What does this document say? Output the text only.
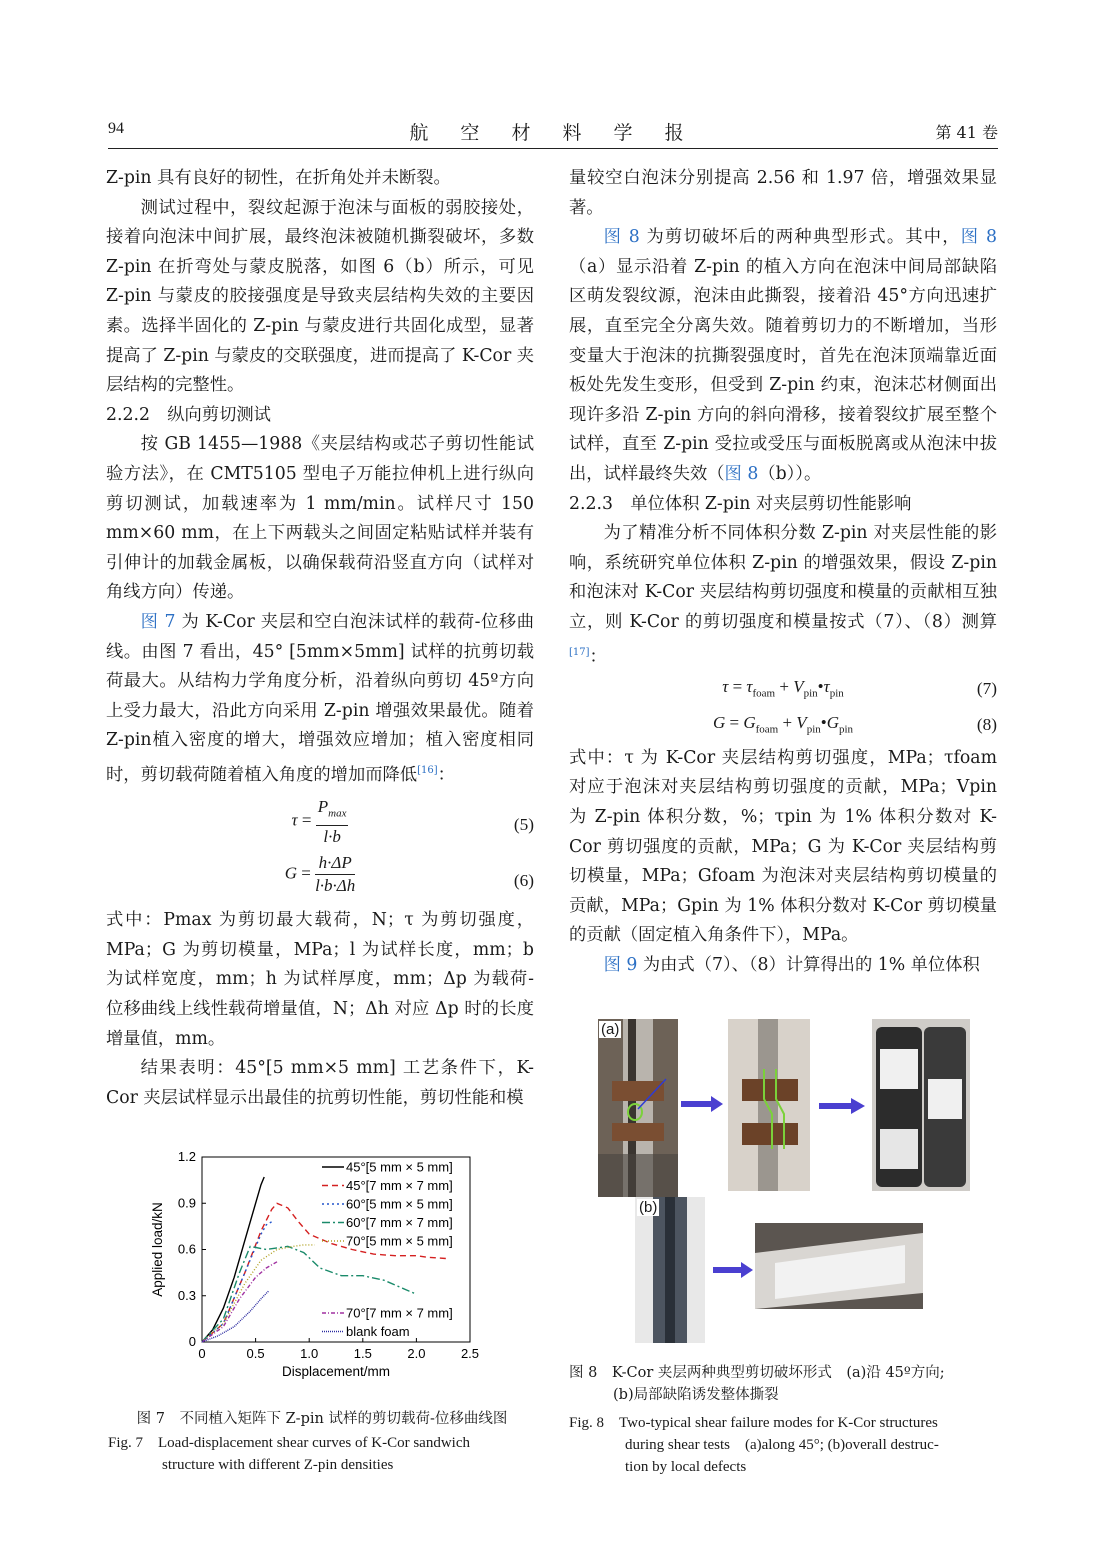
94	航 空 材 料 学 报	第 41 卷

Z-pin 具有良好的韧性，在折角处并未断裂。

测试过程中，裂纹起源于泡沫与面板的弱胶接处，接着向泡沫中间扩展，最终泡沫被随机撕裂破坏，多数 Z-pin 在折弯处与蒙皮脱落，如图 6（b）所示，可见 Z-pin 与蒙皮的胶接强度是导致夹层结构失效的主要因素。选择半固化的 Z-pin 与蒙皮进行共固化成型，显著提高了 Z-pin 与蒙皮的交联强度，进而提高了 K-Cor 夹层结构的完整性。

2.2.2　纵向剪切测试

按 GB 1455—1988《夹层结构或芯子剪切性能试验方法》，在 CMT5105 型电子万能拉伸机上进行纵向剪切测试，加载速率为 1 mm/min。试样尺寸 150 mm×60 mm，在上下两载头之间固定粘贴试样并装有引伸计的加载金属板，以确保载荷沿竖直方向（试样对角线方向）传递。

图 7 为 K-Cor 夹层和空白泡沫试样的载荷-位移曲线。由图 7 看出，45° [5mm×5mm] 试样的抗剪切载荷最大。从结构力学角度分析，沿着纵向剪切 45º方向上受力最大，沿此方向采用 Z-pin 增强效果最优。随着 Z-pin植入密度的增大，增强效应增加；植入密度相同时，剪切载荷随着植入角度的增加而降低[16]：

$\tau = \frac{P_{max}}{l\cdot b}$	(5)
$G = \frac{h\cdot\Delta P}{l\cdot b\cdot\Delta h}$	(6)

式中：Pmax 为剪切最大载荷，N；τ 为剪切强度，MPa；G 为剪切模量，MPa；l 为试样长度，mm；b 为试样宽度，mm；h 为试样厚度，mm；Δp 为载荷-位移曲线上线性载荷增量值，N；Δh 对应 Δp 时的长度增量值，mm。

结果表明：45°[5 mm×5 mm] 工艺条件下，K-Cor 夹层试样显示出最佳的抗剪切性能，剪切性能和模

量较空白泡沫分别提高 2.56 和 1.97 倍，增强效果显著。

图 8 为剪切破坏后的两种典型形式。其中，图 8（a）显示沿着 Z-pin 的植入方向在泡沫中间局部缺陷区萌发裂纹源，泡沫由此撕裂，接着沿 45°方向迅速扩展，直至完全分离失效。随着剪切力的不断增加，当形变量大于泡沫的抗撕裂强度时，首先在泡沫顶端靠近面板处先发生变形，但受到 Z-pin 约束，泡沫芯材侧面出现许多沿 Z-pin 方向的斜向滑移，接着裂纹扩展至整个试样，直至 Z-pin 受拉或受压与面板脱离或从泡沫中拔出，试样最终失效（图 8（b））。

2.2.3　单位体积 Z-pin 对夹层剪切性能影响

为了精准分析不同体积分数 Z-pin 对夹层性能的影响，系统研究单位体积 Z-pin 的增强效果，假设 Z-pin 和泡沫对 K-Cor 夹层结构剪切强度和模量的贡献相互独立，则 K-Cor 的剪切强度和模量按式（7）、（8）测算[17]：

$\tau = \tau_{foam}$ + $V_{pin}•\tau_{pin}$	(7)
$G = G_{foam}$ + $V_{pin}•G_{pin}$	(8)

式中：τ 为 K-Cor 夹层结构剪切强度，MPa；τfoam 对应于泡沫对夹层结构剪切强度的贡献，MPa；Vpin 为 Z-pin 体积分数，%；τpin 为 1% 体积分数对 K-Cor 剪切强度的贡献，MPa；G 为 K-Cor 夹层结构剪切模量，MPa；Gfoam 为泡沫对夹层结构剪切模量的贡献，MPa；Gpin 为 1% 体积分数对 K-Cor 剪切模量的贡献（固定植入角条件下），MPa。

图 9 为由式（7）、（8）计算得出的 1% 单位体积

0	0.5	1.0	1.5	2.0	2.5
0
0.3
0.6
0.9
1.2
Displacement/mm
Applied load/kN
45°[5 mm × 5 mm]
45°[7 mm × 7 mm]
60°[5 mm × 5 mm]
60°[7 mm × 7 mm]
70°[5 mm × 5 mm]
70°[7 mm × 7 mm]
blank foam
图 7　不同植入矩阵下 Z-pin 试样的剪切载荷-位移曲线图
Fig. 7　Load-displacement shear curves of K-Cor sandwich
structure with different Z-pin densities
(a)
(b)
图 8　K-Cor 夹层两种典型剪切破坏形式　(a)沿 45º方向;
(b)局部缺陷诱发整体撕裂
Fig. 8　Two-typical shear failure modes for K-Cor structures
during shear tests　(a)along 45°; (b)overall destruc-
tion by local defects
